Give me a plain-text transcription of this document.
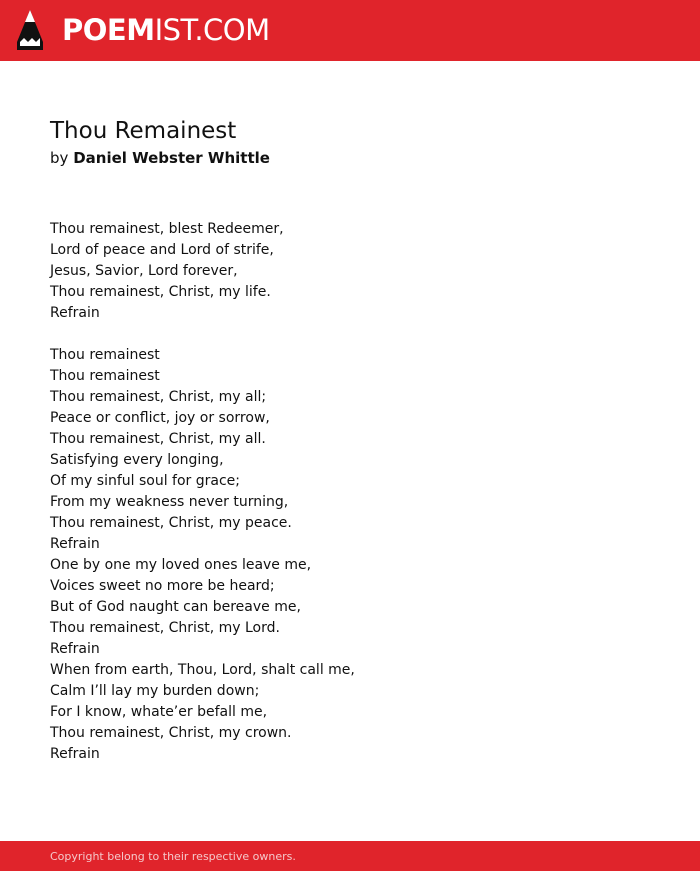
POEMIST.COM
Thou Remainest
by Daniel Webster Whittle
Thou remainest, blest Redeemer,
Lord of peace and Lord of strife,
Jesus, Savior, Lord forever,
Thou remainest, Christ, my life.
Refrain
Thou remainest
Thou remainest
Thou remainest, Christ, my all;
Peace or conflict, joy or sorrow,
Thou remainest, Christ, my all.
Satisfying every longing,
Of my sinful soul for grace;
From my weakness never turning,
Thou remainest, Christ, my peace.
Refrain
One by one my loved ones leave me,
Voices sweet no more be heard;
But of God naught can bereave me,
Thou remainest, Christ, my Lord.
Refrain
When from earth, Thou, Lord, shalt call me,
Calm I’ll lay my burden down;
For I know, whate’er befall me,
Thou remainest, Christ, my crown.
Refrain
Copyright belong to their respective owners.
